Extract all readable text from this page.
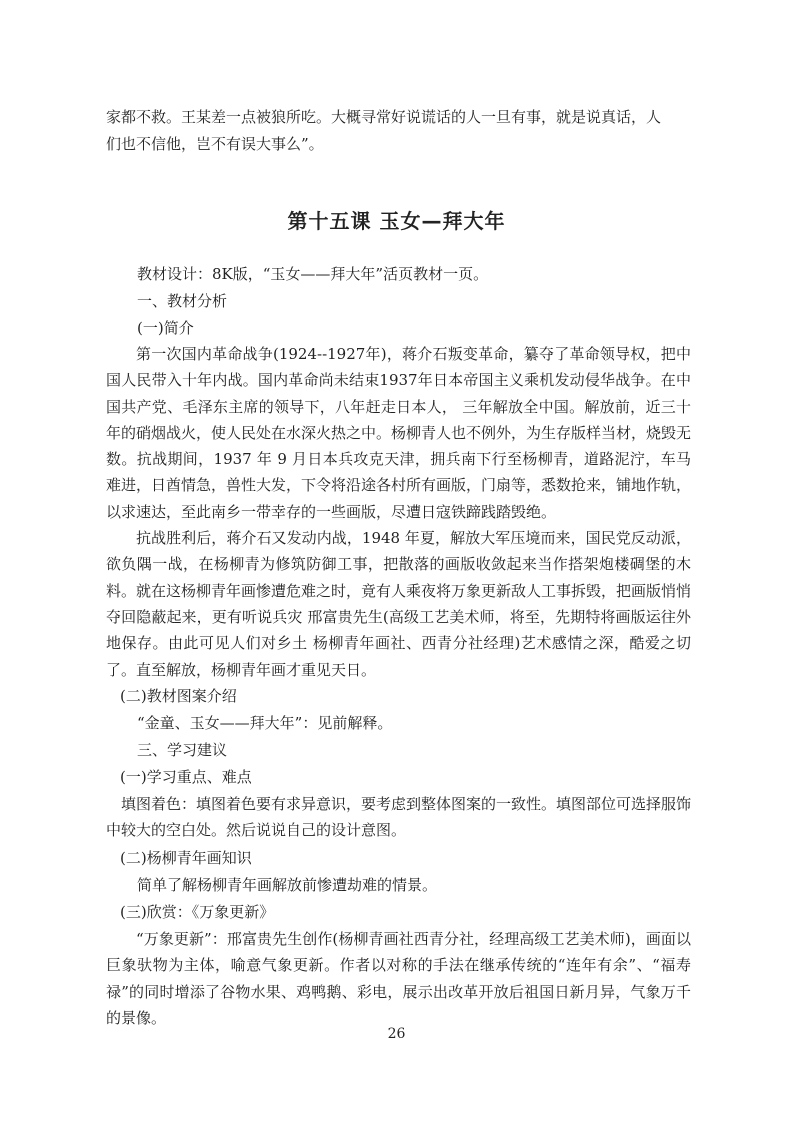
家都不救。王某差一点被狼所吃。大概寻常好说谎话的人一旦有事，就是说真话，人
们也不信他，岂不有误大事么”。
第十五课 玉女—拜大年
教材设计：8K版，“玉女——拜大年”活页教材一页。
一、教材分析
(一)简介

第一次国内革命战争(1924--1927年)，蒋介石叛变革命，纂夺了革命领导权，把中国人民带入十年内战。国内革命尚未结束1937年日本帝国主义乘机发动侵华战争。在中国共产党、毛泽东主席的领导下，八年赶走日本人， 三年解放全中国。解放前，近三十年的硝烟战火，使人民处在水深火热之中。杨柳青人也不例外，为生存版样当材，烧毁无数。抗战期间，1937 年 9 月日本兵攻克天津，拥兵南下行至杨柳青，道路泥泞，车马难进，日酋情急，兽性大发，下令将沿途各村所有画版，门扇等，悉数抢来，铺地作轨，以求速达，至此南乡一带幸存的一些画版，尽遭日寇铁蹄践踏毁绝。

抗战胜利后，蒋介石又发动内战，1948 年夏，解放大军压境而来，国民党反动派，欲负隅一战，在杨柳青为修筑防御工事，把散落的画版收敛起来当作搭架炮楼碉堡的木料。就在这杨柳青年画惨遭危难之时，竟有人乘夜将万象更新敌人工事拆毁，把画版悄悄夺回隐蔽起来，更有听说兵灾 邢富贵先生(高级工艺美术师，将至，先期特将画版运往外地保存。由此可见人们对乡土 杨柳青年画社、西青分社经理)艺术感情之深，酷爱之切了。直至解放，杨柳青年画才重见天日。

(二)教材图案介绍
“金童、玉女——拜大年”：见前解释。
三、学习建议
(一)学习重点、难点

填图着色：填图着色要有求异意识，要考虑到整体图案的一致性。填图部位可选择服饰中较大的空白处。然后说说自己的设计意图。

(二)杨柳青年画知识
简单了解杨柳青年画解放前惨遭劫难的情景。
(三)欣赏：《万象更新》

“万象更新”：邢富贵先生创作(杨柳青画社西青分社，经理高级工艺美术师)，画面以巨象驮物为主体，喻意气象更新。作者以对称的手法在继承传统的“连年有余”、“福寿禄”的同时增添了谷物水果、鸡鸭鹅、彩电，展示出改革开放后祖国日新月异，气象万千的景像。

26
